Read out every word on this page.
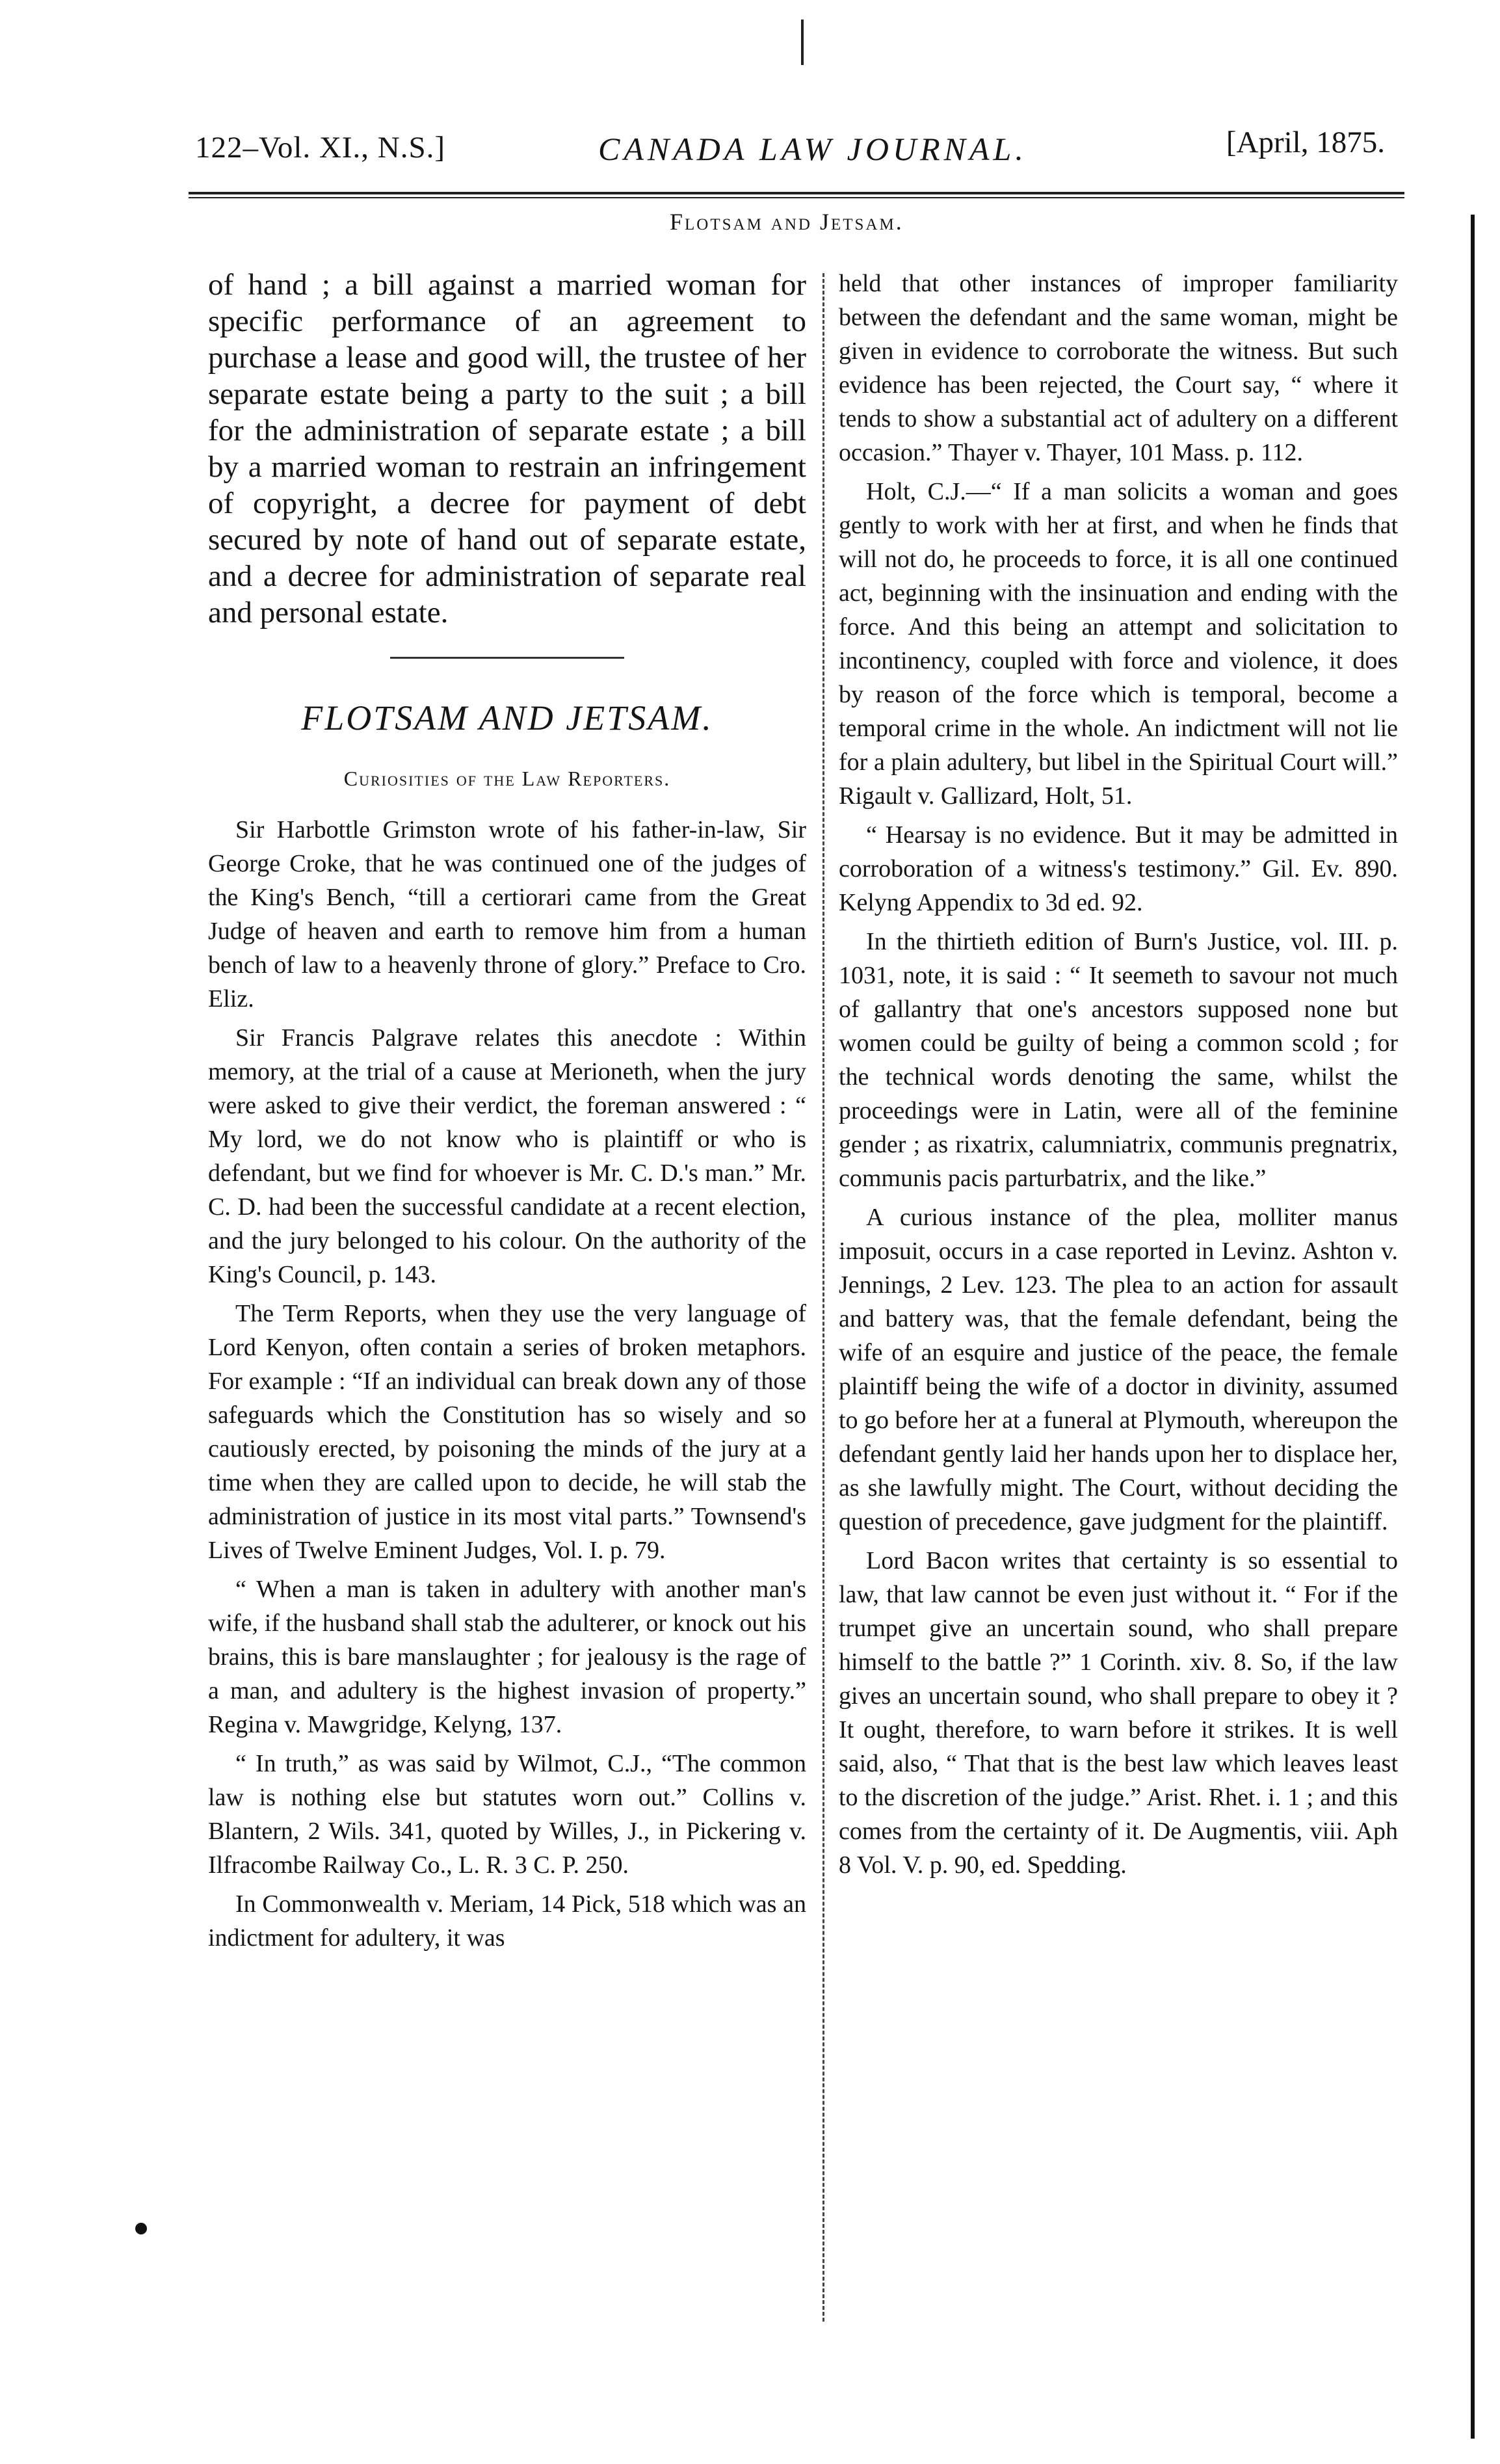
122–Vol. XI., N.S.]	CANADA LAW JOURNAL.	[April, 1875.
Flotsam and Jetsam.

of hand ; a bill against a married woman for specific performance of an agreement to purchase a lease and good will, the trustee of her separate estate being a party to the suit ; a bill for the administration of separate estate ; a bill by a married woman to restrain an infringement of copyright, a decree for payment of debt secured by note of hand out of separate estate, and a decree for administration of separate real and personal estate.

FLOTSAM AND JETSAM.
Curiosities of the Law Reporters.

Sir Harbottle Grimston wrote of his father-in-law, Sir George Croke, that he was continued one of the judges of the King's Bench, “till a certiorari came from the Great Judge of heaven and earth to remove him from a human bench of law to a heavenly throne of glory.” Preface to Cro. Eliz.

Sir Francis Palgrave relates this anecdote : Within memory, at the trial of a cause at Merioneth, when the jury were asked to give their verdict, the foreman answered : “ My lord, we do not know who is plaintiff or who is defendant, but we find for whoever is Mr. C. D.'s man.” Mr. C. D. had been the successful candidate at a recent election, and the jury belonged to his colour. On the authority of the King's Council, p. 143.

The Term Reports, when they use the very language of Lord Kenyon, often contain a series of broken metaphors. For example : “If an individual can break down any of those safeguards which the Constitution has so wisely and so cautiously erected, by poisoning the minds of the jury at a time when they are called upon to decide, he will stab the administration of justice in its most vital parts.” Townsend's Lives of Twelve Eminent Judges, Vol. I. p. 79.

“ When a man is taken in adultery with another man's wife, if the husband shall stab the adulterer, or knock out his brains, this is bare manslaughter ; for jealousy is the rage of a man, and adultery is the highest invasion of property.” Regina v. Mawgridge, Kelyng, 137.

“ In truth,” as was said by Wilmot, C.J., “The common law is nothing else but statutes worn out.” Collins v. Blantern, 2 Wils. 341, quoted by Willes, J., in Pickering v. Ilfracombe Railway Co., L. R. 3 C. P. 250.

In Commonwealth v. Meriam, 14 Pick, 518 which was an indictment for adultery, it was

held that other instances of improper familiarity between the defendant and the same woman, might be given in evidence to corroborate the witness. But such evidence has been rejected, the Court say, “ where it tends to show a substantial act of adultery on a different occasion.” Thayer v. Thayer, 101 Mass. p. 112.

Holt, C.J.—“ If a man solicits a woman and goes gently to work with her at first, and when he finds that will not do, he proceeds to force, it is all one continued act, beginning with the insinuation and ending with the force. And this being an attempt and solicitation to incontinency, coupled with force and violence, it does by reason of the force which is temporal, become a temporal crime in the whole. An indictment will not lie for a plain adultery, but libel in the Spiritual Court will.” Rigault v. Gallizard, Holt, 51.

“ Hearsay is no evidence. But it may be admitted in corroboration of a witness's testimony.” Gil. Ev. 890. Kelyng Appendix to 3d ed. 92.

In the thirtieth edition of Burn's Justice, vol. III. p. 1031, note, it is said : “ It seemeth to savour not much of gallantry that one's ancestors supposed none but women could be guilty of being a common scold ; for the technical words denoting the same, whilst the proceedings were in Latin, were all of the feminine gender ; as rixatrix, calumniatrix, communis pregnatrix, communis pacis parturbatrix, and the like.”

A curious instance of the plea, molliter manus imposuit, occurs in a case reported in Levinz. Ashton v. Jennings, 2 Lev. 123. The plea to an action for assault and battery was, that the female defendant, being the wife of an esquire and justice of the peace, the female plaintiff being the wife of a doctor in divinity, assumed to go before her at a funeral at Plymouth, whereupon the defendant gently laid her hands upon her to displace her, as she lawfully might. The Court, without deciding the question of precedence, gave judgment for the plaintiff.

Lord Bacon writes that certainty is so essential to law, that law cannot be even just without it. “ For if the trumpet give an uncertain sound, who shall prepare himself to the battle ?” 1 Corinth. xiv. 8. So, if the law gives an uncertain sound, who shall prepare to obey it ? It ought, therefore, to warn before it strikes. It is well said, also, “ That that is the best law which leaves least to the discretion of the judge.” Arist. Rhet. i. 1 ; and this comes from the certainty of it. De Augmentis, viii. Aph 8 Vol. V. p. 90, ed. Spedding.
